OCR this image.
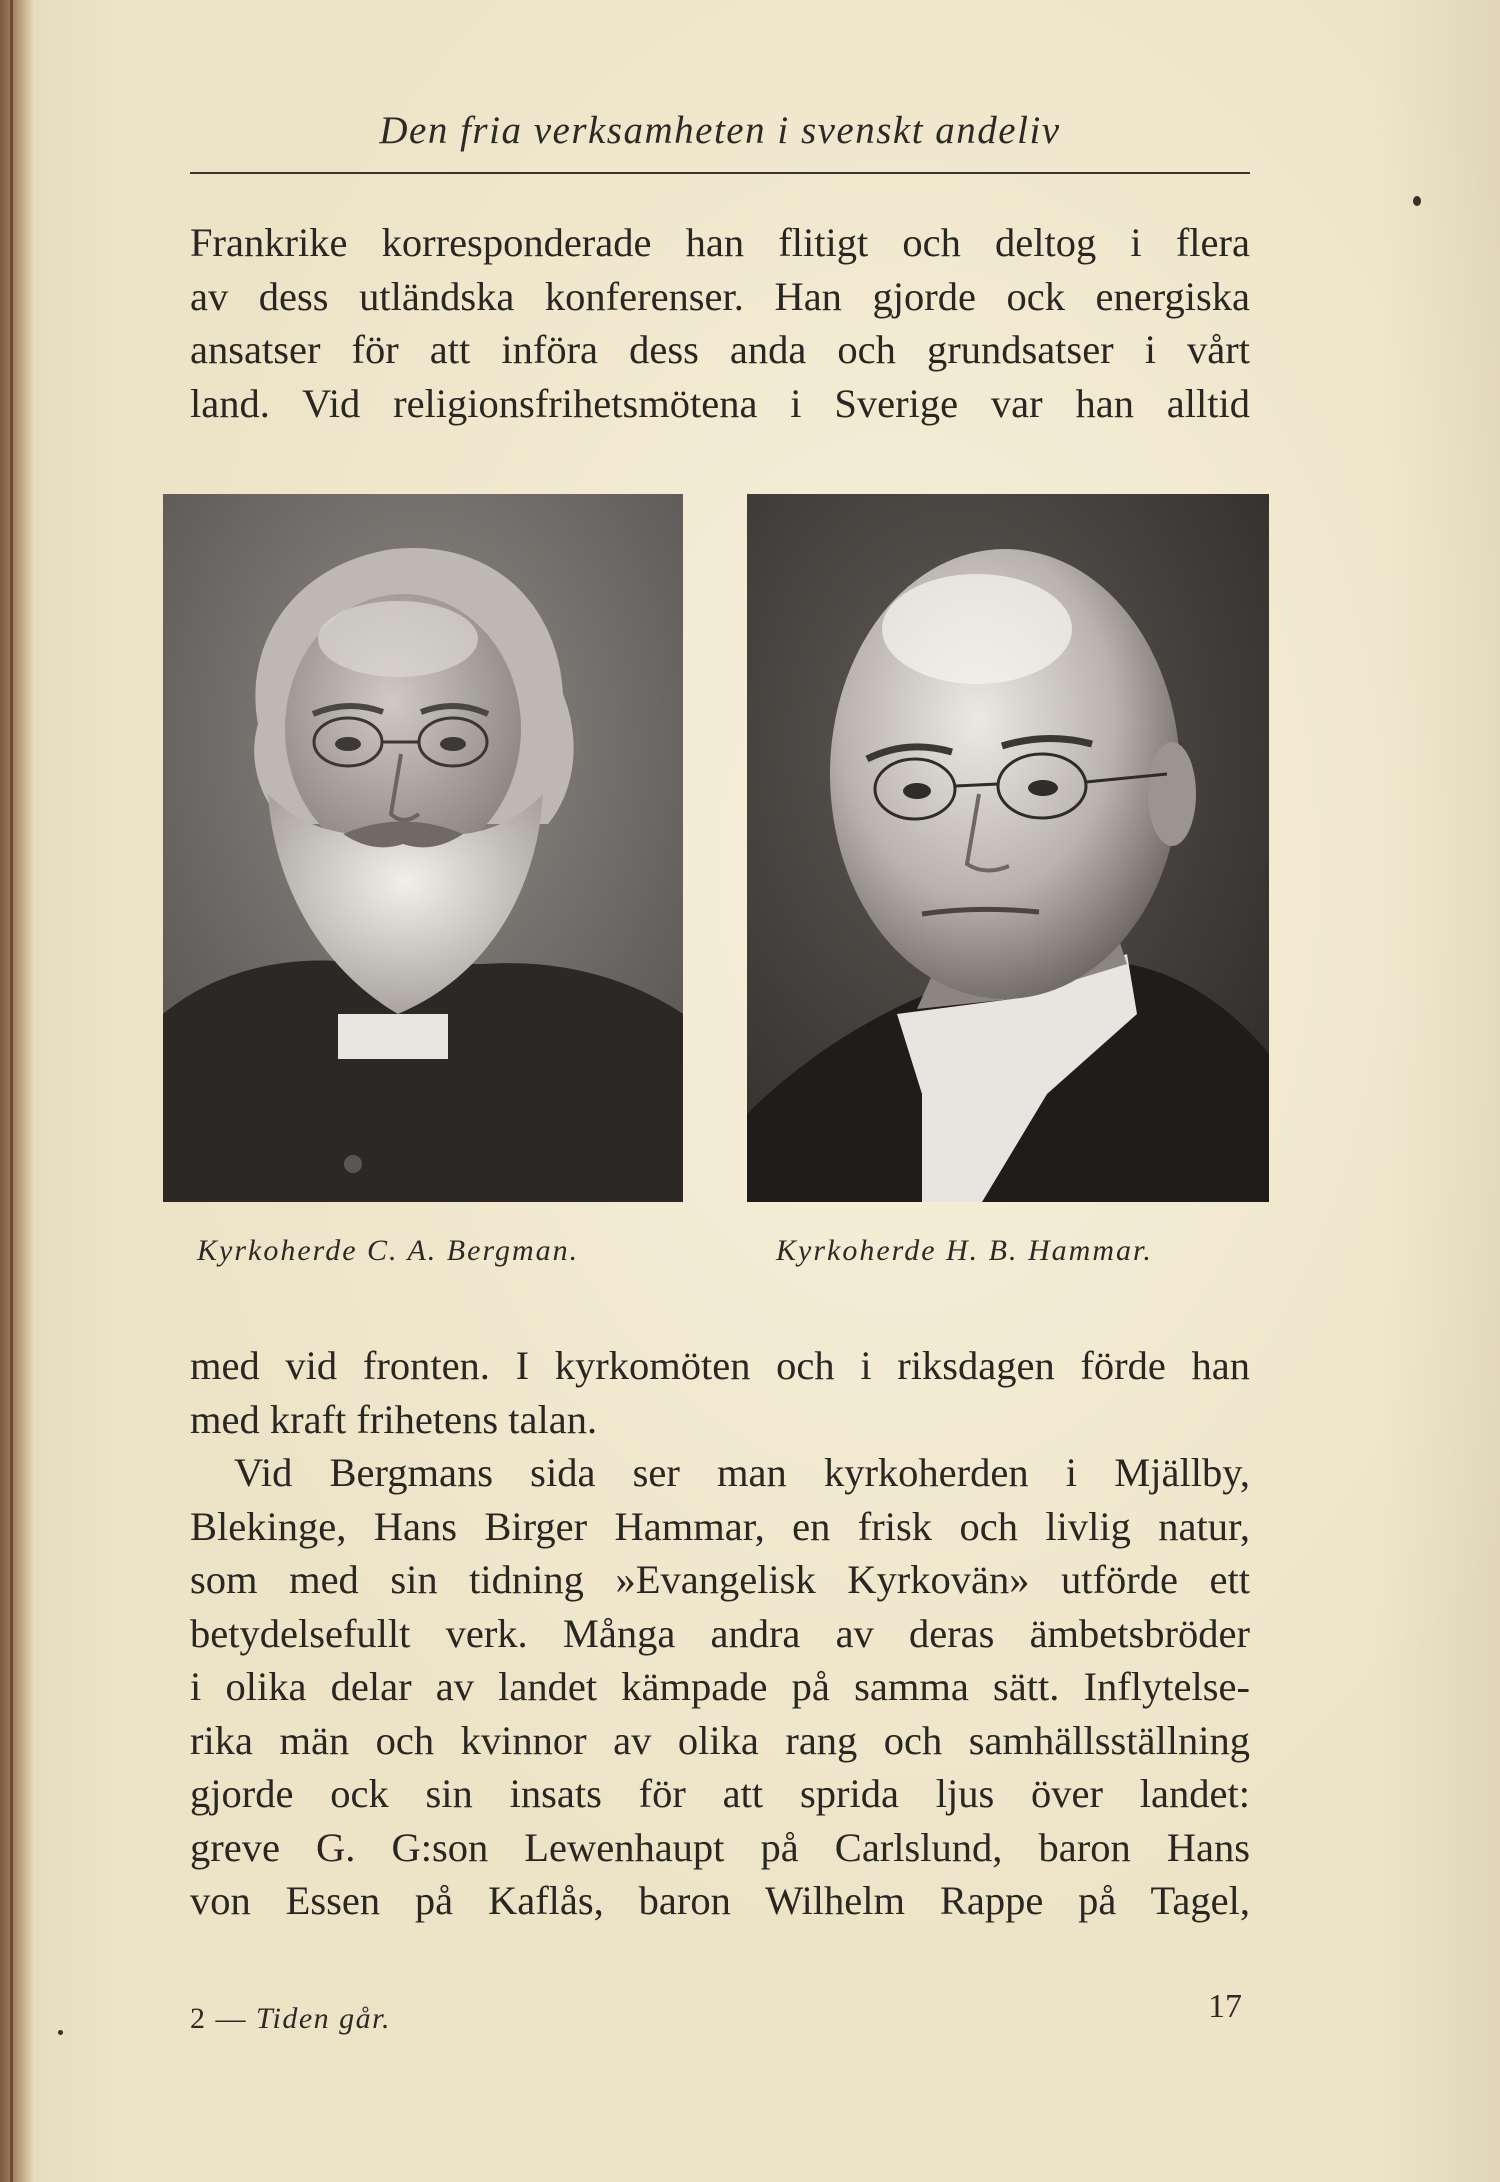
Den fria verksamheten i svenskt andeliv
Frankrike korresponderade han flitigt och deltog i flera
av dess utländska konferenser. Han gjorde ock energiska
ansatser för att införa dess anda och grundsatser i vårt
land. Vid religionsfrihetsmötena i Sverige var han alltid
Kyrkoherde C. A. Bergman.	Kyrkoherde H. B. Hammar.
med vid fronten. I kyrkomöten och i riksdagen förde han
med kraft frihetens talan.
Vid Bergmans sida ser man kyrkoherden i Mjällby,
Blekinge, Hans Birger Hammar, en frisk och livlig natur,
som med sin tidning »Evangelisk Kyrkovän» utförde ett
betydelsefullt verk. Många andra av deras ämbetsbröder
i olika delar av landet kämpade på samma sätt. Inflytelse-
rika män och kvinnor av olika rang och samhällsställning
gjorde ock sin insats för att sprida ljus över landet:
greve G. G:son Lewenhaupt på Carlslund, baron Hans
von Essen på Kaflås, baron Wilhelm Rappe på Tagel,
2 — Tiden går.	17
